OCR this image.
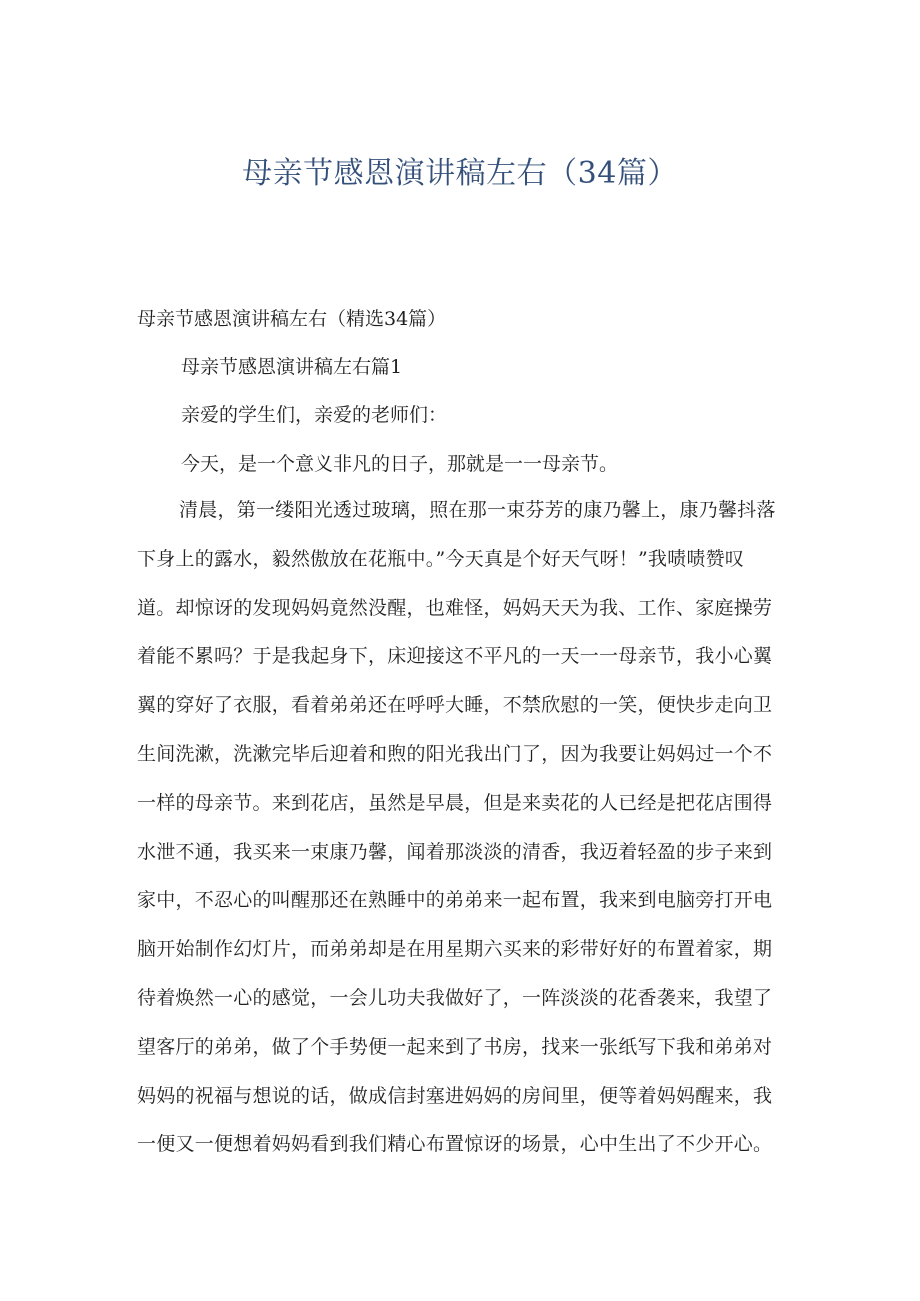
母亲节感恩演讲稿左右（34篇）

母亲节感恩演讲稿左右（精选34篇）

母亲节感恩演讲稿左右篇1

亲爱的学生们，亲爱的老师们：

今天，是一个意义非凡的日子，那就是一一母亲节。

清晨，第一缕阳光透过玻璃，照在那一束芬芳的康乃馨上，康乃馨抖落
下身上的露水，毅然傲放在花瓶中。”今天真是个好天气呀！”我啧啧赞叹
道。却惊讶的发现妈妈竟然没醒，也难怪，妈妈天天为我、工作、家庭操劳
着能不累吗？于是我起身下，床迎接这不平凡的一天一一母亲节，我小心翼
翼的穿好了衣服，看着弟弟还在呼呼大睡，不禁欣慰的一笑，便快步走向卫
生间洗漱，洗漱完毕后迎着和煦的阳光我出门了，因为我要让妈妈过一个不
一样的母亲节。来到花店，虽然是早晨，但是来卖花的人已经是把花店围得
水泄不通，我买来一束康乃馨，闻着那淡淡的清香，我迈着轻盈的步子来到
家中，不忍心的叫醒那还在熟睡中的弟弟来一起布置，我来到电脑旁打开电
脑开始制作幻灯片，而弟弟却是在用星期六买来的彩带好好的布置着家，期
待着焕然一心的感觉，一会儿功夫我做好了，一阵淡淡的花香袭来，我望了
望客厅的弟弟，做了个手势便一起来到了书房，找来一张纸写下我和弟弟对
妈妈的祝福与想说的话，做成信封塞进妈妈的房间里，便等着妈妈醒来，我
一便又一便想着妈妈看到我们精心布置惊讶的场景，心中生出了不少开心。
